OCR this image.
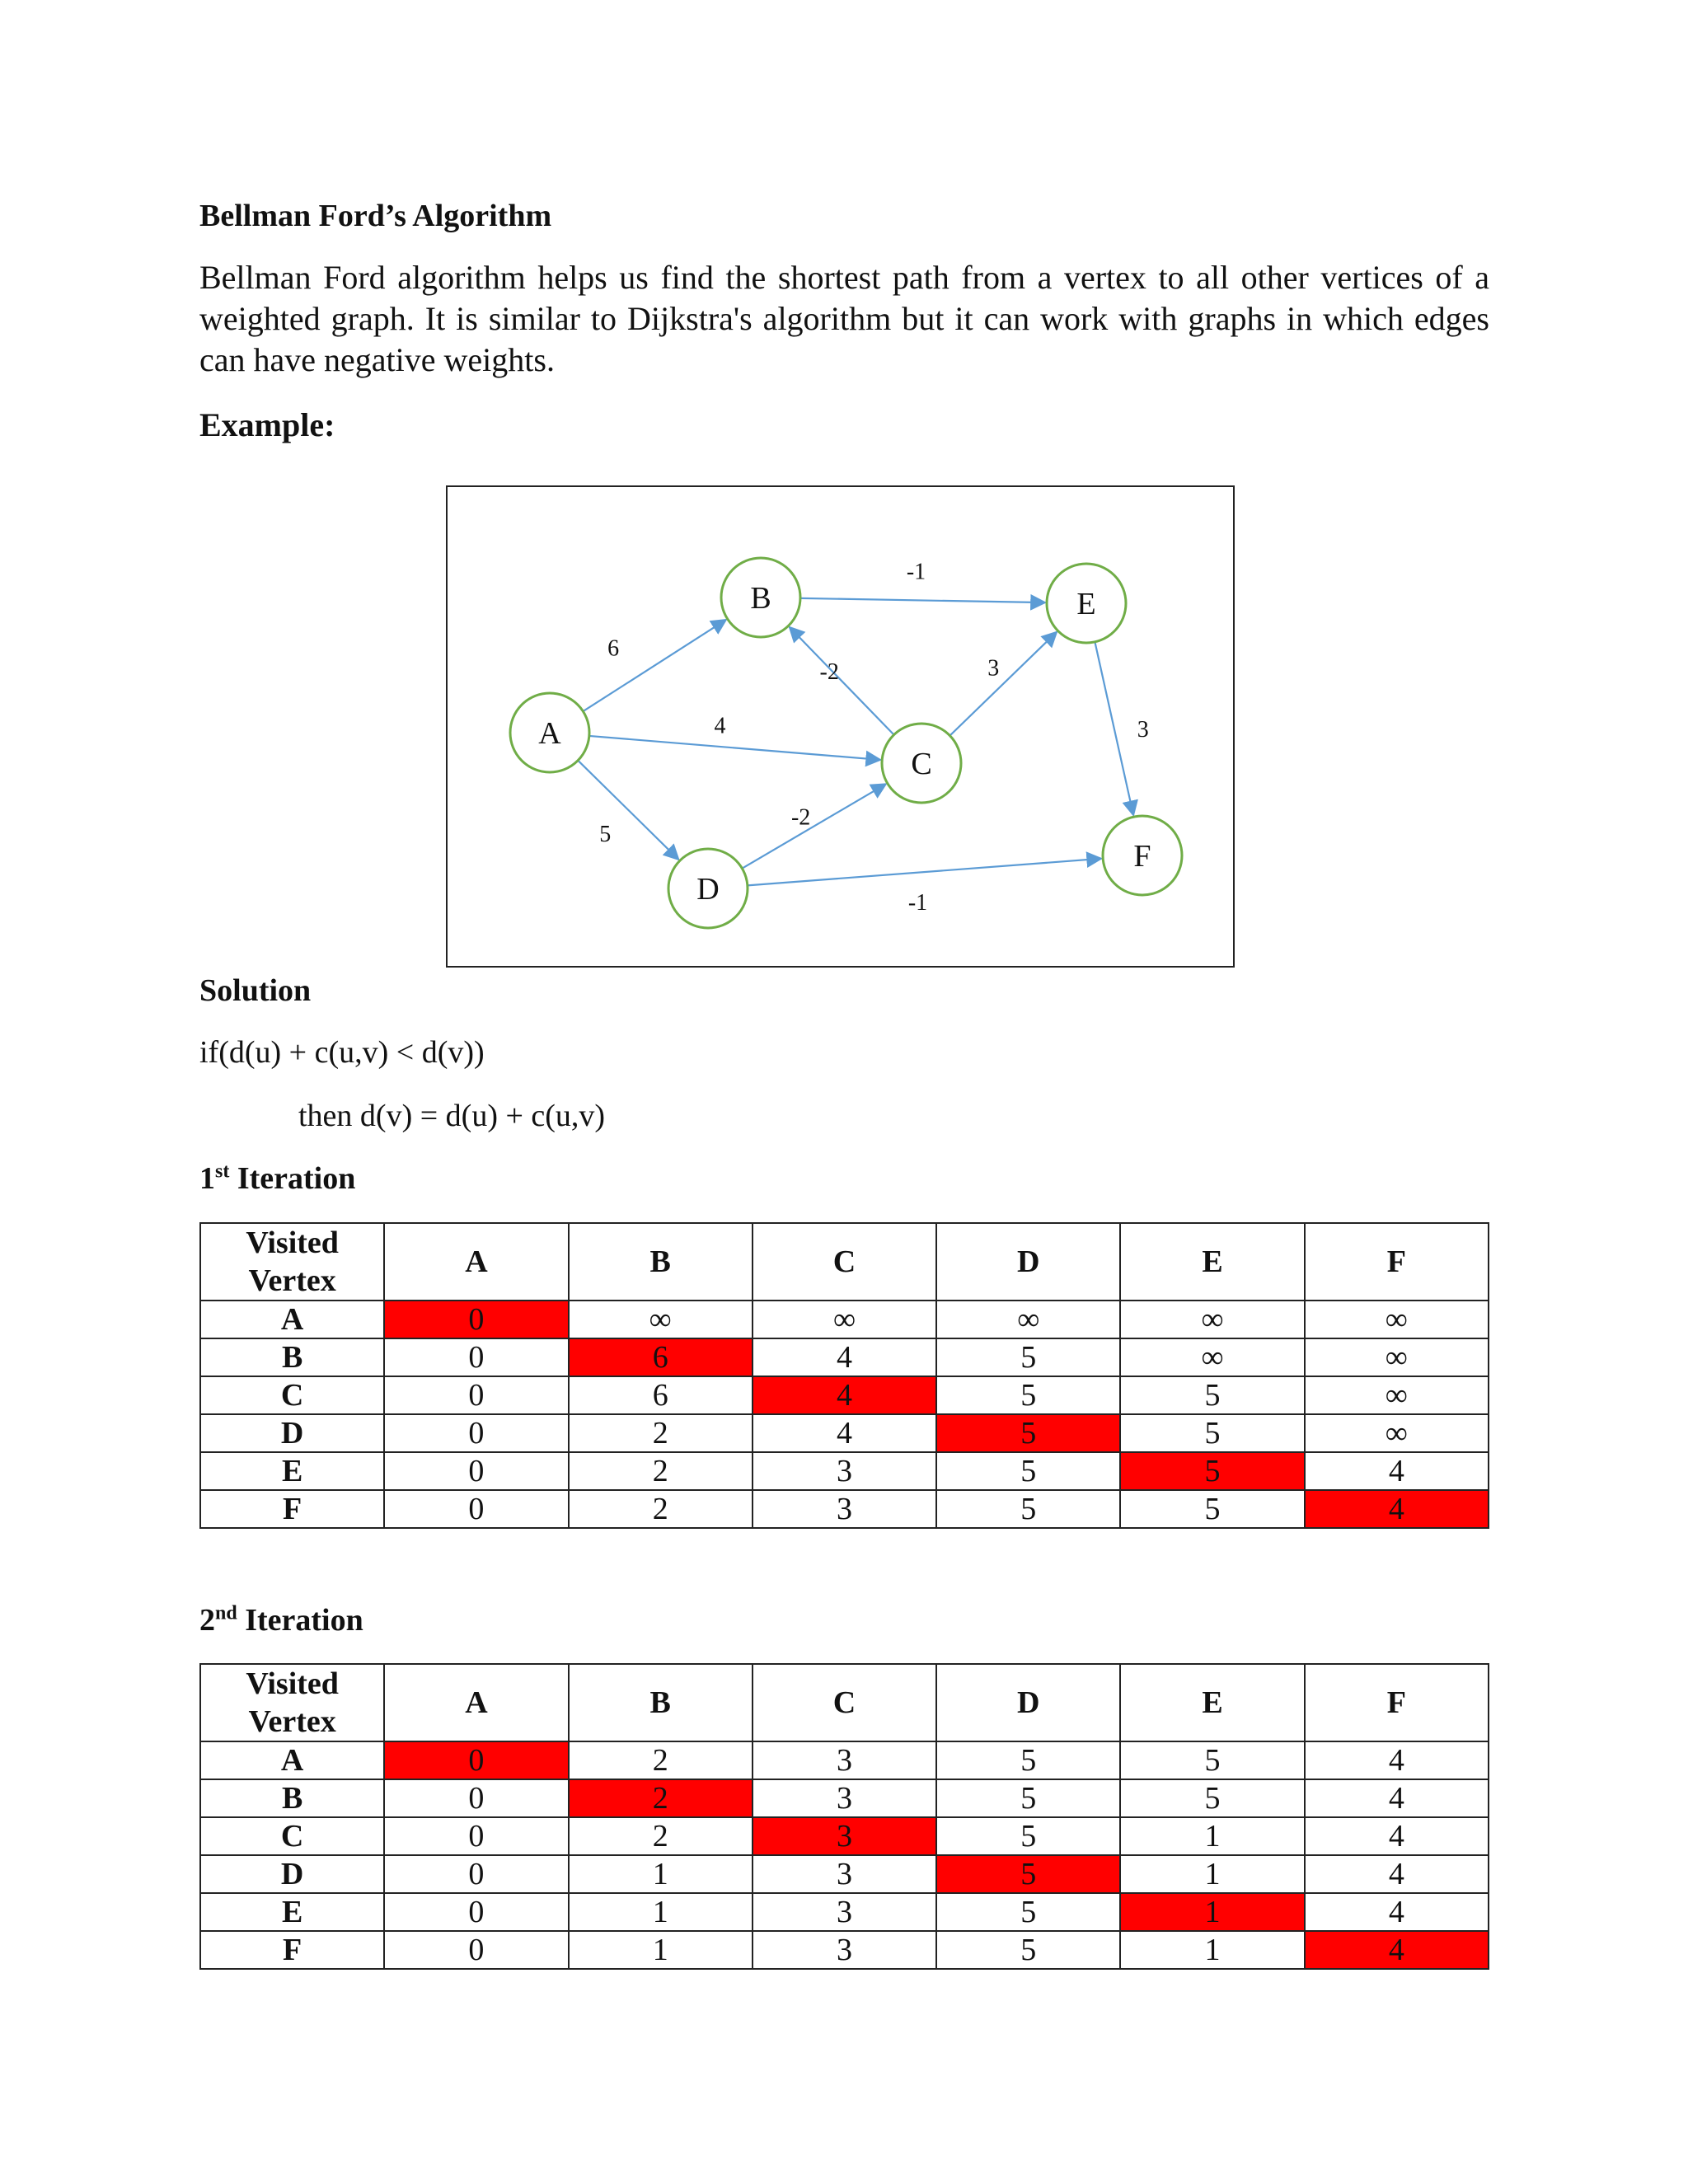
Bellman Ford’s Algorithm
Bellman Ford algorithm helps us find the shortest path from a vertex to all other vertices of a weighted graph. It is similar to Dijkstra's algorithm but it can work with graphs in which edges can have negative weights.
Example:
6
4
5
-1
-2	3
-2
-1
3
A
B
C
D
E
F
Solution
if(d(u) + c(u,v) < d(v))
then d(v) = d(u) + c(u,v)
1st Iteration
Visited Vertex	A	B	C	D	E	F
A	0	∞	∞	∞	∞	∞
B	0	6	4	5	∞	∞
C	0	6	4	5	5	∞
D	0	2	4	5	5	∞
E	0	2	3	5	5	4
F	0	2	3	5	5	4
2nd Iteration
Visited Vertex	A	B	C	D	E	F
A	0	2	3	5	5	4
B	0	2	3	5	5	4
C	0	2	3	5	1	4
D	0	1	3	5	1	4
E	0	1	3	5	1	4
F	0	1	3	5	1	4
